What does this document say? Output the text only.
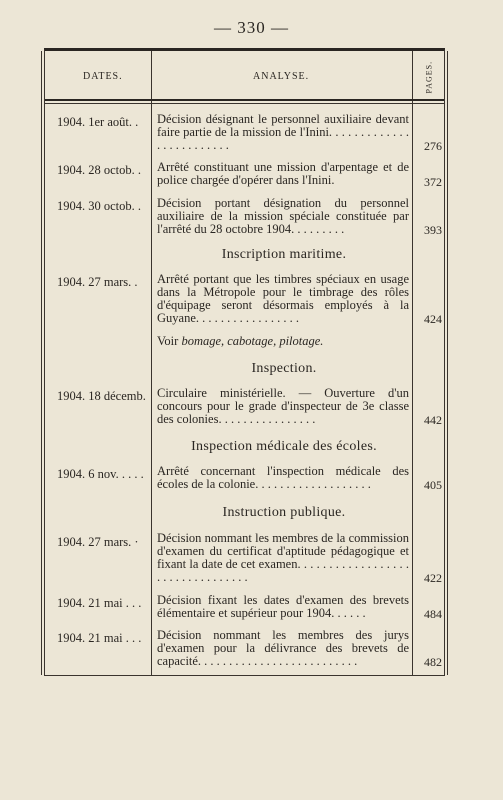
— 330 —
DATES.	ANALYSE.	PAGES.
1904. 1er août. . Décision désignant le personnel auxiliaire devant faire partie de la mission de l'Inini. . . . . . . . . . . . . . . . . . . . . . . . .	276
1904. 28 octob. . Arrêté constituant une mission d'arpentage et de police chargée d'opérer dans l'Inini.	372
1904. 30 octob. . Décision portant désignation du personnel auxiliaire de la mission spéciale constituée par l'arrêté du 28 octobre 1904. . . . . . . . .	393
Inscription maritime.
1904. 27 mars. . Arrêté portant que les timbres spéciaux en usage dans la Métropole pour le timbrage des rôles d'équipage seront désormais employés à la Guyane. . . . . . . . . . . . . . . . .	424
Voir bomage, cabotage, pilotage.
Inspection.
1904. 18 décemb. Circulaire ministérielle. — Ouverture d'un concours pour le grade d'inspecteur de 3e classe des colonies. . . . . . . . . . . . . . . .	442
Inspection médicale des écoles.
1904. 6 nov. . . . . Arrêté concernant l'inspection médicale des écoles de la colonie. . . . . . . . . . . . . . . . . . .	405
Instruction publique.
1904. 27 mars. · Décision nommant les membres de la commission d'examen du certificat d'aptitude pédagogique et fixant la date de cet examen. . . . . . . . . . . . . . . . . . . . . . . . . . . . . . . . .	422
1904. 21 mai . . . Décision fixant les dates d'examen des brevets élémentaire et supérieur pour 1904. . . . . .	484
1904. 21 mai . . . Décision nommant les membres des jurys d'examen pour la délivrance des brevets de capacité. . . . . . . . . . . . . . . . . . . . . . . . . .	482
